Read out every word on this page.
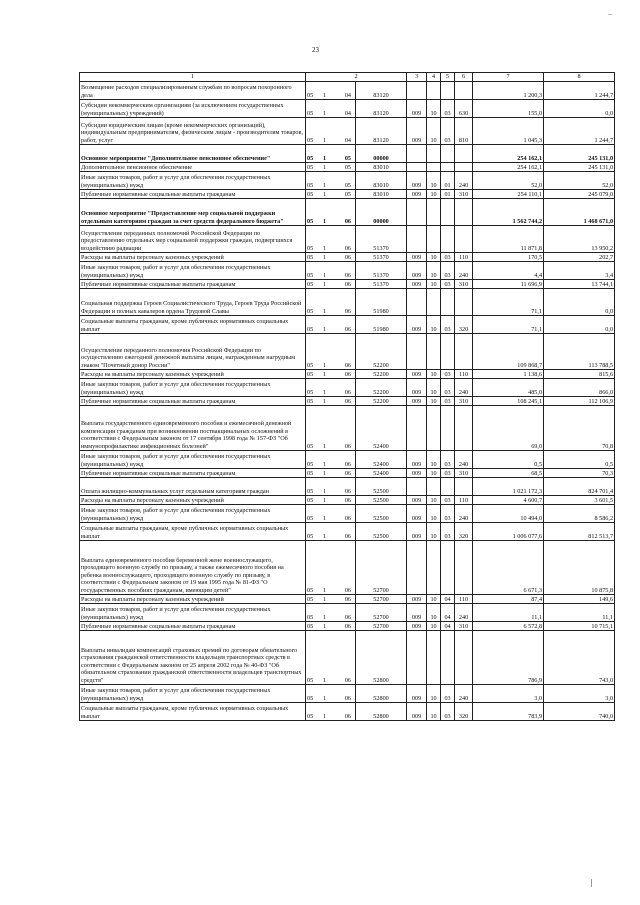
23
1	2				3	4	5	6	7	8
Возмещение расходов специализированным службам по вопросам похоронного дела	05	1	04	83120					1 200,3	1 244,7
Субсидии некоммерческим организациям (за исключением государственных (муниципальных) учреждений)	05	1	04	83120	009	10	03	630	155,0	0,0
Субсидии юридическим лицам (кроме некоммерческих организаций), индивидуальным предпринимателям, физическим лицам - производителям товаров, работ, услуг	05	1	04	83120	009	10	03	810	1 045,3	1 244,7
Основное мероприятие "Дополнительное пенсионное обеспечение"	05	1	05	00000					254 162,1	245 131,0
Дополнительное пенсионное обеспечение	05	1	05	83010					254 162,1	245 131,0
Иные закупки товаров, работ и услуг для обеспечения государственных (муниципальных) нужд	05	1	05	83010	009	10	01	240	52,0	52,0
Публичные нормативные социальные выплаты гражданам	05	1	05	83010	009	10	01	310	254 110,1	245 079,0
Основное мероприятие "Предоставление мер социальной поддержки отдельным категориям граждан за счет средств федерального бюджета"	05	1	06	00000					1 562 744,2	1 468 671,0
Осуществление переданных полномочий Российской Федерации по предоставлению отдельных мер социальной поддержки граждан, подвергшихся воздействию радиации	05	1	06	51370					11 871,8	13 950,2
Расходы на выплаты персоналу казенных учреждений	05	1	06	51370	009	10	03	110	170,5	202,7
Иные закупки товаров, работ и услуг для обеспечения государственных (муниципальных) нужд	05	1	06	51370	009	10	03	240	4,4	3,4
Публичные нормативные социальные выплаты гражданам	05	1	06	51370	009	10	03	310	11 696,9	13 744,1
Социальная поддержка Героев Социалистического Труда, Героев Труда Российской Федерации и полных кавалеров ордена Трудовой Славы	05	1	06	51980					71,1	0,0
Социальные выплаты гражданам, кроме публичных нормативных социальных выплат	05	1	06	51980	009	10	03	320	71,1	0,0
Осуществление переданного полномочия Российской Федерации по осуществлению ежегодной денежной выплаты лицам, награжденным нагрудным знаком "Почетный донор России"	05	1	06	52200					109 868,7	113 788,5
Расходы на выплаты персоналу казенных учреждений	05	1	06	52200	009	10	03	110	1 138,6	815,6
Иные закупки товаров, работ и услуг для обеспечения государственных (муниципальных) нужд	05	1	06	52200	009	10	03	240	485,0	866,0
Публичные нормативные социальные выплаты гражданам	05	1	06	52200	009	10	03	310	108 245,1	112 106,9
Выплата государственного единовременного пособия и ежемесячной денежной компенсации гражданам при возникновении поствакцинальных осложнений в соответствии с Федеральным законом от 17 сентября 1998 года № 157-ФЗ "Об иммунопрофилактике инфекционных болезней"	05	1	06	52400					69,0	70,8
Иные закупки товаров, работ и услуг для обеспечения государственных (муниципальных) нужд	05	1	06	52400	009	10	03	240	0,5	0,5
Публичные нормативные социальные выплаты гражданам	05	1	06	52400	009	10	03	310	68,5	70,3
Оплата жилищно-коммунальных услуг отдельным категориям граждан	05	1	06	52500					1 021 172,3	824 701,4
Расходы на выплаты персоналу казенных учреждений	05	1	06	52500	009	10	03	110	4 600,7	3 601,5
Иные закупки товаров, работ и услуг для обеспечения государственных (муниципальных) нужд	05	1	06	52500	009	10	03	240	10 494,0	8 586,2
Социальные выплаты гражданам, кроме публичных нормативных социальных выплат	05	1	06	52500	009	10	03	320	1 006 077,6	812 513,7
Выплата единовременного пособия беременной жене военнослужащего, проходящего военную службу по призыву, а также ежемесячного пособия на ребенка военнослужащего, проходящего военную службу по призыву, в соответствии с Федеральным законом от 19 мая 1995 года № 81-ФЗ "О государственных пособиях гражданам, имеющим детей"	05	1	06	52700					6 671,3	10 875,8
Расходы на выплаты персоналу казенных учреждений	05	1	06	52700	009	10	04	110	87,4	149,6
Иные закупки товаров, работ и услуг для обеспечения государственных (муниципальных) нужд	05	1	06	52700	009	10	04	240	11,1	11,1
Публичные нормативные социальные выплаты гражданам	05	1	06	52700	009	10	04	310	6 572,8	10 715,1
Выплаты инвалидам компенсаций страховых премий по договорам обязательного страхования гражданской ответственности владельцев транспортных средств в соответствии с Федеральным законом от 25 апреля 2002 года № 40-ФЗ "Об обязательном страховании гражданской ответственности владельцев транспортных средств"	05	1	06	52800					786,9	743,0
Иные закупки товаров, работ и услуг для обеспечения государственных (муниципальных) нужд	05	1	06	52800	009	10	03	240	3,0	3,0
Социальные выплаты гражданам, кроме публичных нормативных социальных выплат	05	1	06	52800	009	10	03	320	783,9	740,0
